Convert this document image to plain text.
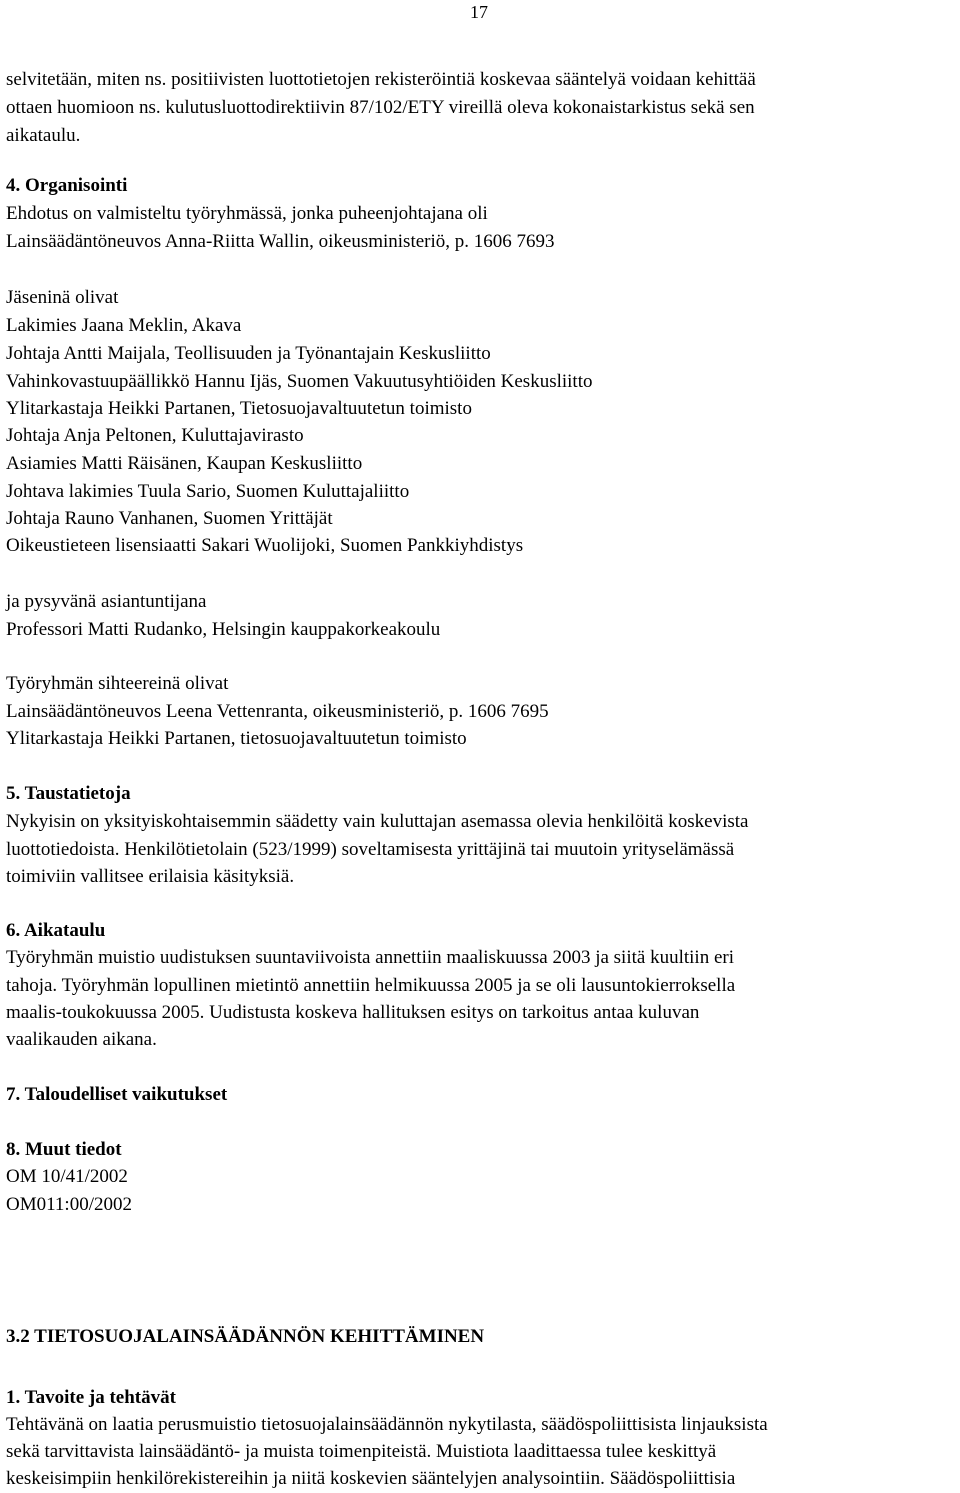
17

selvitetään, miten ns. positiivisten luottotietojen rekisteröintiä koskevaa sääntelyä voidaan kehittää

ottaen huomioon ns. kulutusluottodirektiivin 87/102/ETY vireillä oleva kokonaistarkistus sekä sen

aikataulu.

4. Organisointi

Ehdotus on valmisteltu työryhmässä, jonka puheenjohtajana oli

Lainsäädäntöneuvos Anna-Riitta Wallin, oikeusministeriö, p. 1606 7693

Jäseninä olivat

Lakimies Jaana Meklin, Akava

Johtaja Antti Maijala, Teollisuuden ja Työnantajain Keskusliitto

Vahinkovastuupäällikkö Hannu Ijäs, Suomen Vakuutusyhtiöiden Keskusliitto

Ylitarkastaja Heikki Partanen, Tietosuojavaltuutetun toimisto

Johtaja Anja Peltonen, Kuluttajavirasto

Asiamies Matti Räisänen, Kaupan Keskusliitto

Johtava lakimies Tuula Sario, Suomen Kuluttajaliitto

Johtaja Rauno Vanhanen, Suomen Yrittäjät

Oikeustieteen lisensiaatti Sakari Wuolijoki, Suomen Pankkiyhdistys

ja pysyvänä asiantuntijana

Professori Matti Rudanko, Helsingin kauppakorkeakoulu

Työryhmän sihteereinä olivat

Lainsäädäntöneuvos Leena Vettenranta, oikeusministeriö, p. 1606 7695

Ylitarkastaja Heikki Partanen, tietosuojavaltuutetun toimisto

5. Taustatietoja

Nykyisin on yksityiskohtaisemmin säädetty vain kuluttajan asemassa olevia henkilöitä koskevista

luottotiedoista. Henkilötietolain (523/1999) soveltamisesta yrittäjinä tai muutoin yrityselämässä

toimiviin vallitsee erilaisia käsityksiä.

6. Aikataulu

Työryhmän muistio uudistuksen suuntaviivoista annettiin maaliskuussa 2003 ja siitä kuultiin eri

tahoja. Työryhmän lopullinen mietintö annettiin helmikuussa 2005 ja se oli lausuntokierroksella

maalis-toukokuussa 2005. Uudistusta koskeva hallituksen esitys on tarkoitus antaa kuluvan

vaalikauden aikana.

7. Taloudelliset vaikutukset

8. Muut tiedot

OM 10/41/2002

OM011:00/2002

3.2 TIETOSUOJALAINSÄÄDÄNNÖN KEHITTÄMINEN

1. Tavoite ja tehtävät

Tehtävänä on laatia perusmuistio tietosuojalainsäädännön nykytilasta, säädöspoliittisista linjauksista

sekä tarvittavista lainsäädäntö- ja muista toimenpiteistä. Muistiota laadittaessa tulee keskittyä

keskeisimpiin henkilörekistereihin ja niitä koskevien sääntelyjen analysointiin. Säädöspoliittisia
